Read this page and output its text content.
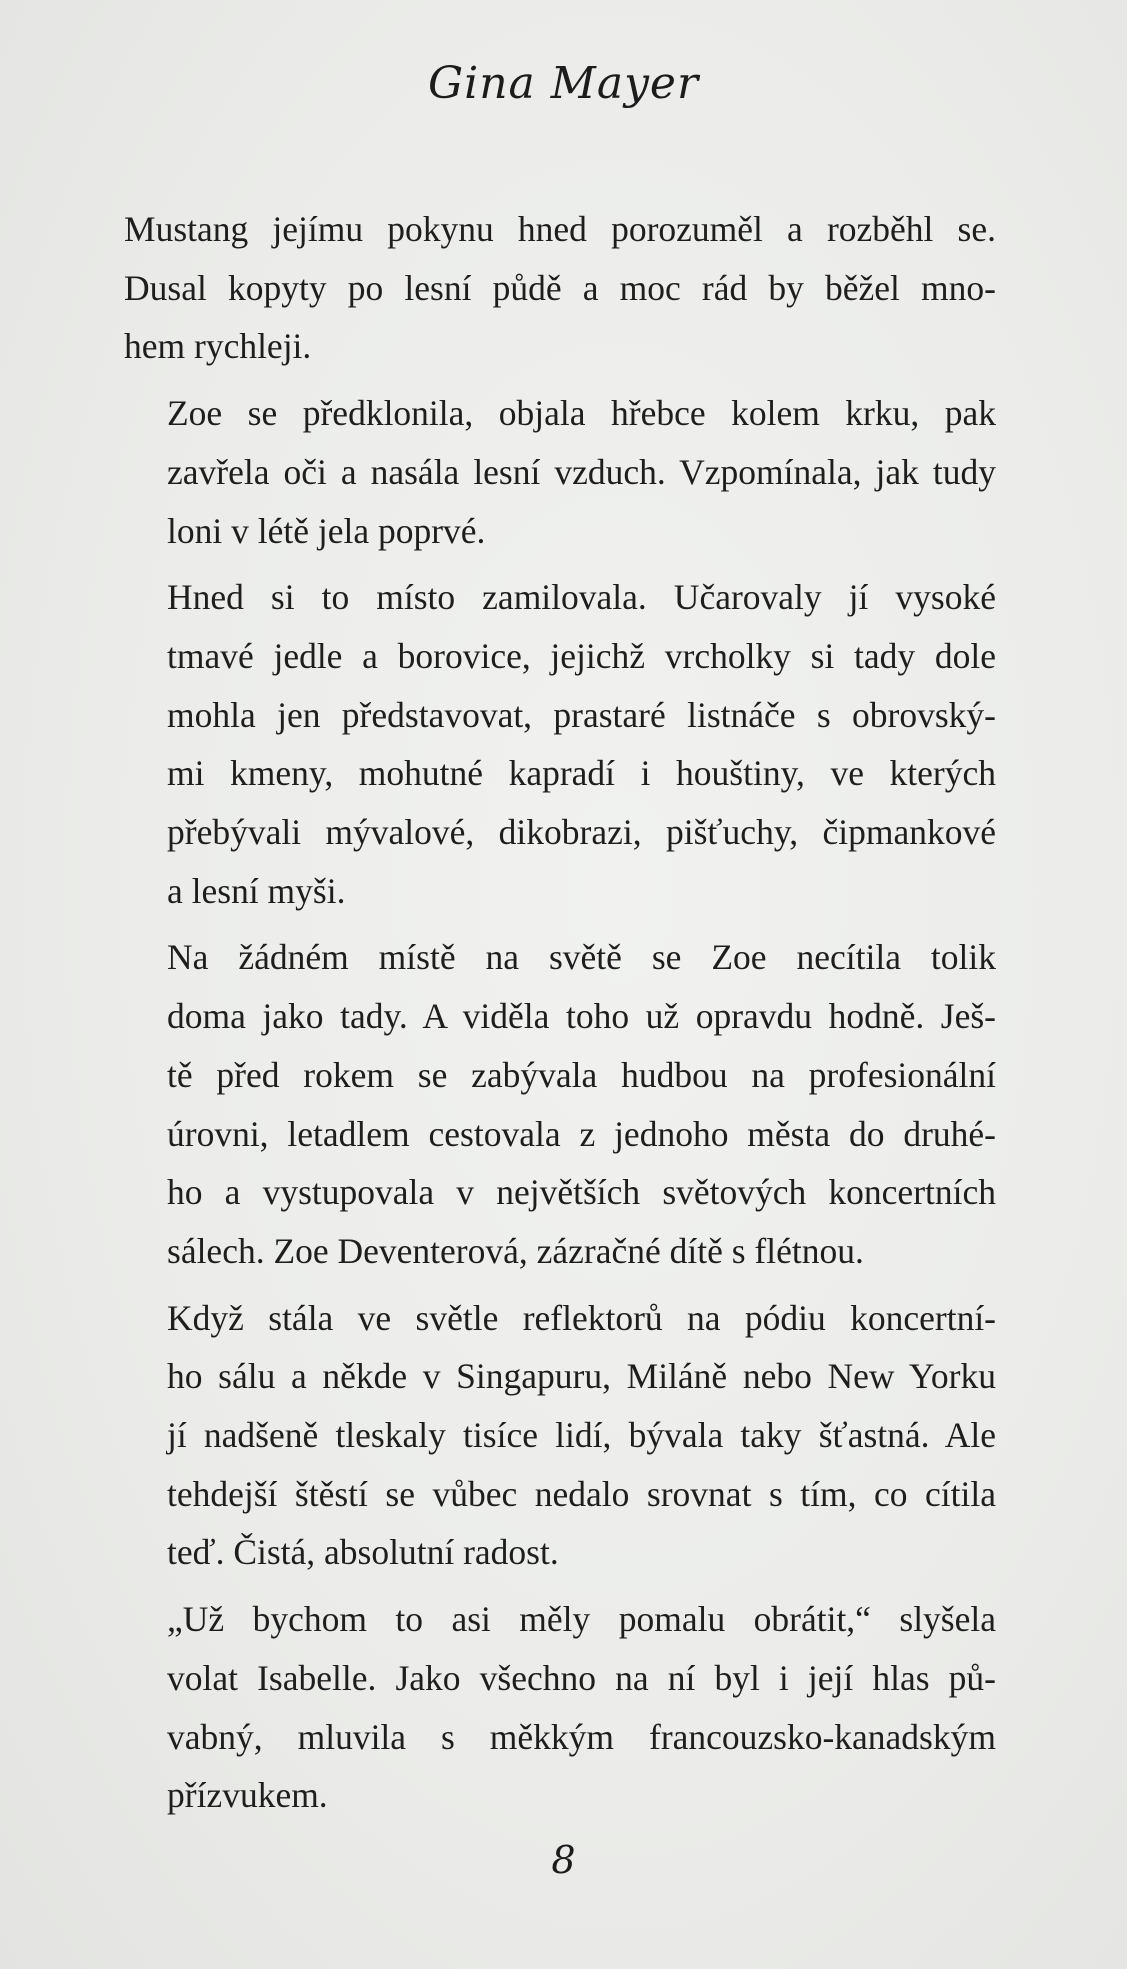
Gina Mayer

Mustang jejímu pokynu hned porozuměl a rozběhl se.
Dusal kopyty po lesní půdě a moc rád by běžel mno-
hem rychleji.

Zoe se předklonila, objala hřebce kolem krku, pak
zavřela oči a nasála lesní vzduch. Vzpomínala, jak tudy
loni v létě jela poprvé.

Hned si to místo zamilovala. Učarovaly jí vysoké
tmavé jedle a borovice, jejichž vrcholky si tady dole
mohla jen představovat, prastaré listnáče s obrovský-
mi kmeny, mohutné kapradí i houštiny, ve kterých
přebývali mývalové, dikobrazi, pišťuchy, čipmankové
a lesní myši.

Na žádném místě na světě se Zoe necítila tolik
doma jako tady. A viděla toho už opravdu hodně. Ješ-
tě před rokem se zabývala hudbou na profesionální
úrovni, letadlem cestovala z jednoho města do druhé-
ho a vystupovala v největších světových koncertních
sálech. Zoe Deventerová, zázračné dítě s flétnou.

Když stála ve světle reflektorů na pódiu koncertní-
ho sálu a někde v Singapuru, Miláně nebo New Yorku
jí nadšeně tleskaly tisíce lidí, bývala taky šťastná. Ale
tehdejší štěstí se vůbec nedalo srovnat s tím, co cítila
teď. Čistá, absolutní radost.

„Už bychom to asi měly pomalu obrátit,“ slyšela
volat Isabelle. Jako všechno na ní byl i její hlas pů-
vabný, mluvila s měkkým francouzsko-kanadským
přízvukem.

8
